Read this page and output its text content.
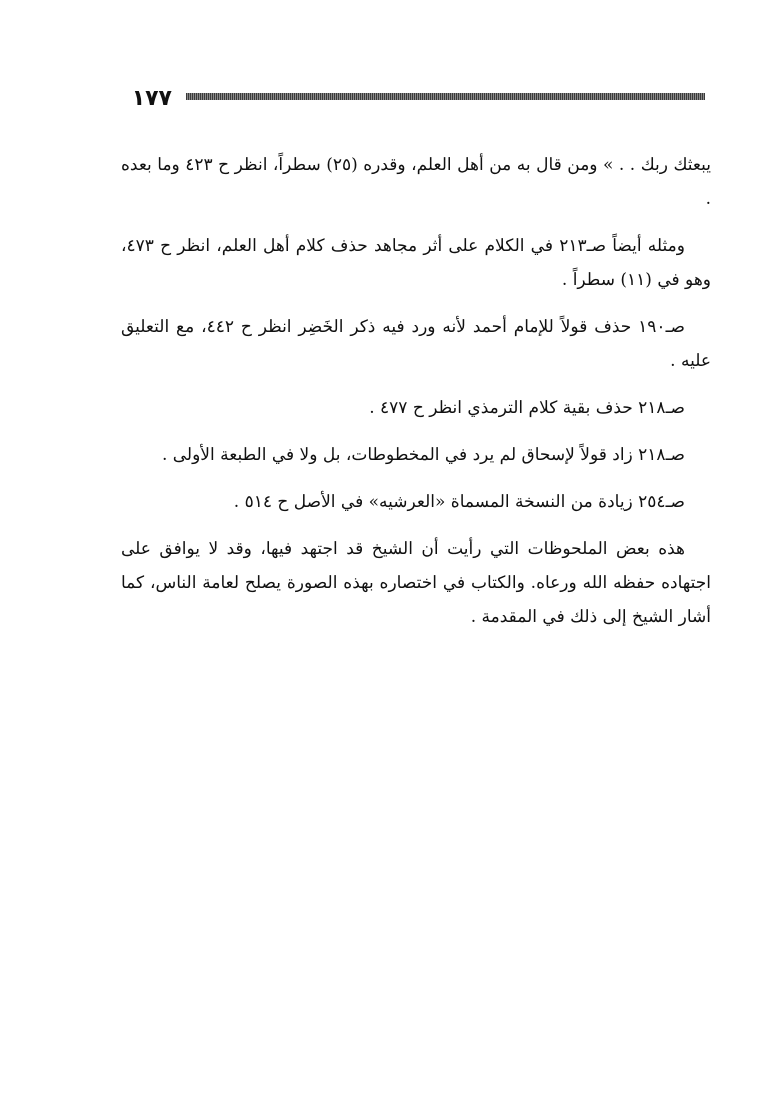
١٧٧

يبعثك ربك . . » ومن قال به من أهل العلم، وقدره (٢٥) سطراً، انظر ح ٤٢٣ وما بعده .

ومثله أيضاً صـ٢١٣ في الكلام على أثر مجاهد حذف كلام أهل العلم، انظر ح ٤٧٣، وهو في (١١) سطراً .

صـ١٩٠ حذف قولاً للإمام أحمد لأنه ورد فيه ذكر الخَضِر انظر ح ٤٤٢، مع التعليق عليه .

صـ٢١٨ حذف بقية كلام الترمذي انظر ح ٤٧٧ .

صـ٢١٨ زاد قولاً لإسحاق لم يرد في المخطوطات، بل ولا في الطبعة الأولى .

صـ٢٥٤ زيادة من النسخة المسماة «العرشيه» في الأصل ح ٥١٤ .

هذه بعض الملحوظات التي رأيت أن الشيخ قد اجتهد فيها، وقد لا يوافق على اجتهاده حفظه الله ورعاه. والكتاب في اختصاره بهذه الصورة يصلح لعامة الناس، كما أشار الشيخ إلى ذلك في المقدمة .
